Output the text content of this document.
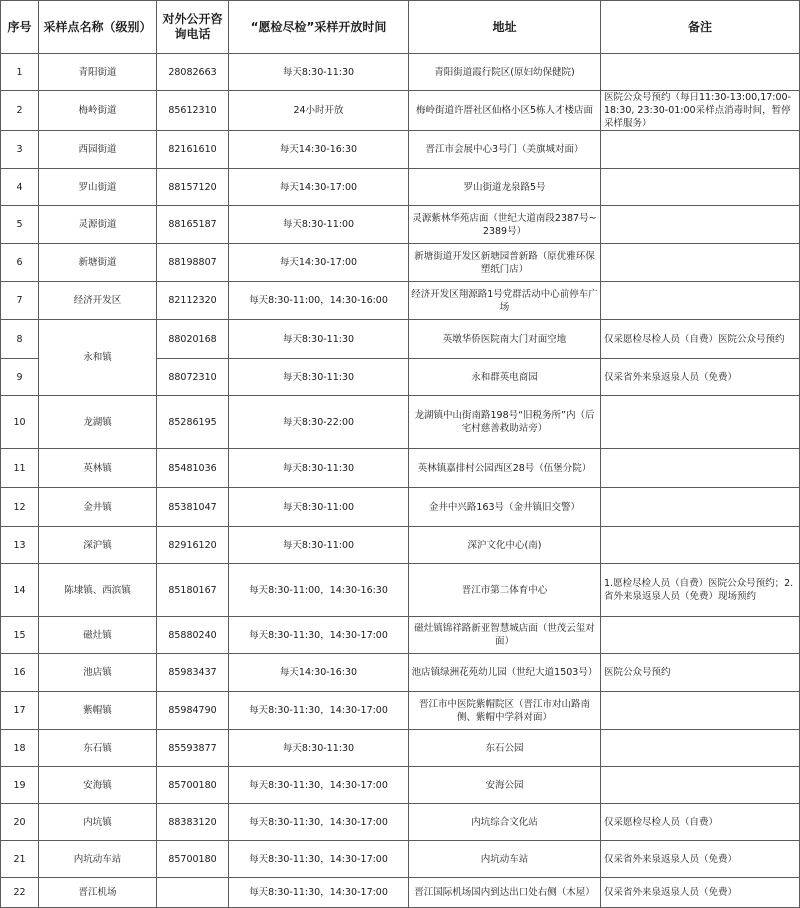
序号	采样点名称（级别）	对外公开咨询电话	“愿检尽检”采样开放时间	地址	备注
1	青阳街道	28082663	每天8:30-11:30	青阳街道霞行院区(原妇幼保健院)	
2	梅岭街道	85612310	24小时开放	梅岭街道许厝社区仙格小区5栋人才楼店面	医院公众号预约（每日11:30-13:00,17:00-18:30, 23:30-01:00采样点消毒时间，暂停采样服务）
3	西园街道	82161610	每天14:30-16:30	晋江市会展中心3号门（美旗城对面）	
4	罗山街道	88157120	每天14:30-17:00	罗山街道龙泉路5号	
5	灵源街道	88165187	每天8:30-11:00	灵源紫林华苑店面（世纪大道南段2387号~2389号）	
6	新塘街道	88198807	每天14:30-17:00	新塘街道开发区新塘园普新路（原优雅环保塑纸门店）	
7	经济开发区	82112320	每天8:30-11:00，14:30-16:00	经济开发区翔源路1号党群活动中心前停车广场	
8	永和镇	88020168	每天8:30-11:30	英墩华侨医院南大门对面空地	仅采愿检尽检人员（自费）医院公众号预约
9		88072310	每天8:30-11:30	永和群英电商园	仅采省外来泉返泉人员（免费）
10	龙湖镇	85286195	每天8:30-22:00	龙湖镇中山街南路198号“旧税务所”内（后宅村慈善救助站旁）	
11	英林镇	85481036	每天8:30-11:30	英林镇嘉排村公园西区28号（伍堡分院）	
12	金井镇	85381047	每天8:30-11:00	金井中兴路163号（金井镇旧交警）	
13	深沪镇	82916120	每天8:30-11:00	深沪文化中心(南)	
14	陈埭镇、西滨镇	85180167	每天8:30-11:00，14:30-16:30	晋江市第二体育中心	1.愿检尽检人员（自费）医院公众号预约；2.省外来泉返泉人员（免费）现场预约
15	磁灶镇	85880240	每天8:30-11:30，14:30-17:00	磁灶镇锦祥路新亚智慧城店面（世茂云玺对面）	
16	池店镇	85983437	每天14:30-16:30	池店镇绿洲花苑幼儿园（世纪大道1503号）	医院公众号预约
17	紫帽镇	85984790	每天8:30-11:30，14:30-17:00	晋江市中医院紫帽院区（晋江市对山路南侧、紫帽中学斜对面）	
18	东石镇	85593877	每天8:30-11:30	东石公园	
19	安海镇	85700180	每天8:30-11:30，14:30-17:00	安海公园	
20	内坑镇	88383120	每天8:30-11:30，14:30-17:00	内坑综合文化站	仅采愿检尽检人员（自费）
21	内坑动车站	85700180	每天8:30-11:30，14:30-17:00	内坑动车站	仅采省外来泉返泉人员（免费）
22	晋江机场		每天8:30-11:30，14:30-17:00	晋江国际机场国内到达出口处右侧（木屋）	仅采省外来泉返泉人员（免费）
